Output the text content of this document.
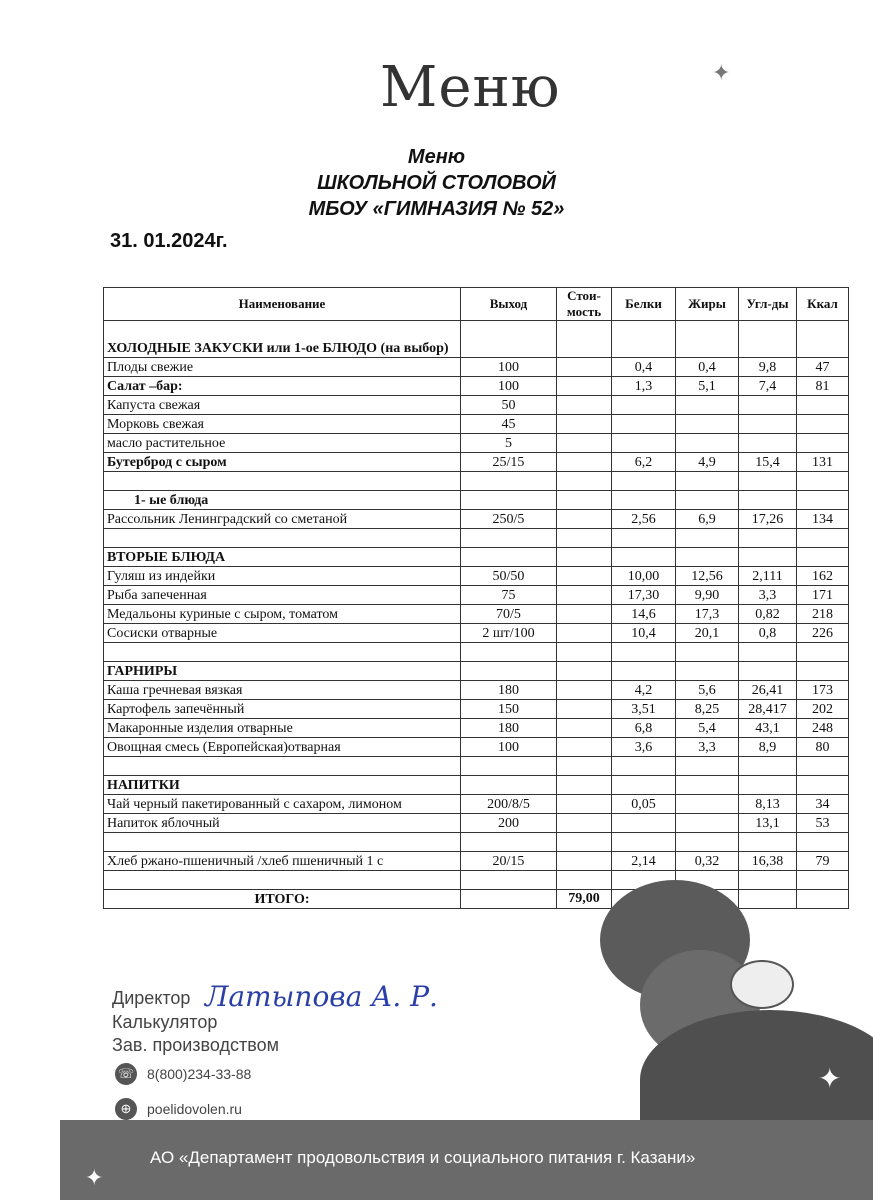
Меню	✦
Меню
ШКОЛЬНОЙ СТОЛОВОЙ
МБОУ «ГИМНАЗИЯ № 52»
31. 01.2024г.
Наименование	Выход	Стои-мость	Белки	Жиры	Угл-ды	Ккал
ХОЛОДНЫЕ ЗАКУСКИ или 1-ое БЛЮДО (на выбор)						
Плоды свежие	100		0,4	0,4	9,8	47
Салат –бар:	100		1,3	5,1	7,4	81
Капуста свежая	50					
Морковь свежая	45					
масло растительное	5					
Бутерброд с сыром	25/15		6,2	4,9	15,4	131

1- ые блюда						
Рассольник Ленинградский со сметаной	250/5		2,56	6,9	17,26	134

ВТОРЫЕ БЛЮДА						
Гуляш из индейки	50/50		10,00	12,56	2,111	162
Рыба запеченная	75		17,30	9,90	3,3	171
Медальоны куриные с сыром, томатом	70/5		14,6	17,3	0,82	218
Сосиски отварные	2 шт/100		10,4	20,1	0,8	226

ГАРНИРЫ						
Каша гречневая вязкая	180		4,2	5,6	26,41	173
Картофель запечённый	150		3,51	8,25	28,417	202
Макаронные изделия отварные	180		6,8	5,4	43,1	248
Овощная смесь (Европейская)отварная	100		3,6	3,3	8,9	80

НАПИТКИ						
Чай черный пакетированный с сахаром, лимоном	200/8/5		0,05		8,13	34
Напиток яблочный	200				13,1	53

Хлеб ржано-пшеничный /хлеб пшеничный 1 с	20/15		2,14	0,32	16,38	79

ИТОГО:		79,00				
✦
Директор Латыпова А. Р.
Калькулятор
Зав. производством
☏ 8(800)234-33-88
⊕	poelidovolen.ru
АО «Департамент продовольствия и социального питания г. Казани»
✦
